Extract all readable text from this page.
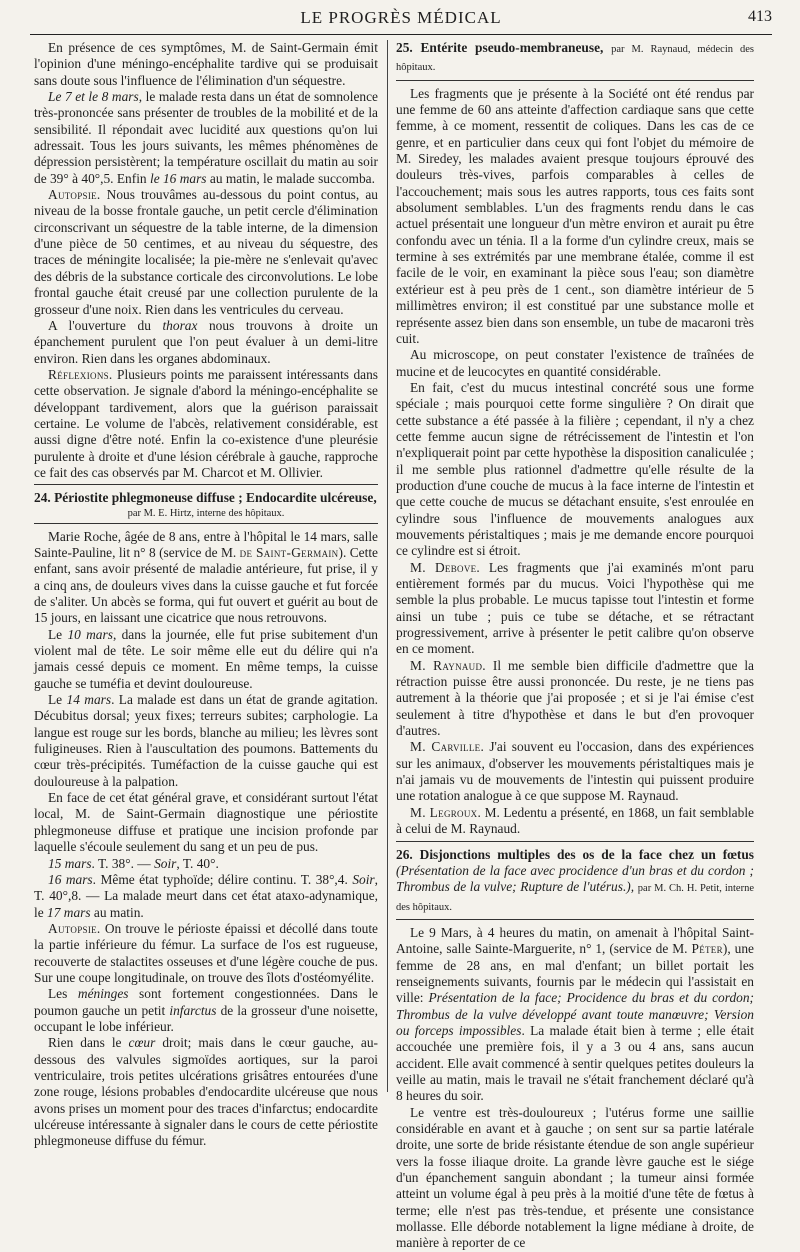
LE PROGRÈS MÉDICAL	413

En présence de ces symptômes, M. de Saint-Germain émit l'opinion d'une méningo-encéphalite tardive qui se produisait sans doute sous l'influence de l'élimination d'un séquestre.

Le 7 et le 8 mars, le malade resta dans un état de somnolence très-prononcée sans présenter de troubles de la mobilité et de la sensibilité. Il répondait avec lucidité aux questions qu'on lui adressait. Tous les jours suivants, les mêmes phénomènes de dépression persistèrent; la température oscillait du matin au soir de 39° à 40°,5. Enfin le 16 mars au matin, le malade succomba.

Autopsie. Nous trouvâmes au-dessous du point contus, au niveau de la bosse frontale gauche, un petit cercle d'élimination circonscrivant un séquestre de la table interne, de la dimension d'une pièce de 50 centimes, et au niveau du séquestre, des traces de méningite localisée; la pie-mère ne s'enlevait qu'avec des débris de la substance corticale des circonvolutions. Le lobe frontal gauche était creusé par une collection purulente de la grosseur d'une noix. Rien dans les ventricules du cerveau.

A l'ouverture du thorax nous trouvons à droite un épanchement purulent que l'on peut évaluer à un demi-litre environ. Rien dans les organes abdominaux.

Réflexions. Plusieurs points me paraissent intéressants dans cette observation. Je signale d'abord la méningo-encéphalite se développant tardivement, alors que la guérison paraissait certaine. Le volume de l'abcès, relativement considérable, est aussi digne d'être noté. Enfin la co-existence d'une pleurésie purulente à droite et d'une lésion cérébrale à gauche, rapproche ce fait des cas observés par M. Charcot et M. Ollivier.

24. Périostite phlegmoneuse diffuse ; Endocardite ulcéreuse,

par M. E. Hirtz, interne des hôpitaux.

Marie Roche, âgée de 8 ans, entre à l'hôpital le 14 mars, salle Sainte-Pauline, lit n° 8 (service de M. de Saint-Germain). Cette enfant, sans avoir présenté de maladie antérieure, fut prise, il y a cinq ans, de douleurs vives dans la cuisse gauche et fut forcée de s'aliter. Un abcès se forma, qui fut ouvert et guérit au bout de 15 jours, en laissant une cicatrice que nous retrouvons.

Le 10 mars, dans la journée, elle fut prise subitement d'un violent mal de tête. Le soir même elle eut du délire qui n'a jamais cessé depuis ce moment. En même temps, la cuisse gauche se tuméfia et devint douloureuse.

Le 14 mars. La malade est dans un état de grande agitation. Décubitus dorsal; yeux fixes; terreurs subites; carphologie. La langue est rouge sur les bords, blanche au milieu; les lèvres sont fuligineuses. Rien à l'auscultation des poumons. Battements du cœur très-précipités. Tuméfaction de la cuisse gauche qui est douloureuse à la palpation.

En face de cet état général grave, et considérant surtout l'état local, M. de Saint-Germain diagnostique une périostite phlegmoneuse diffuse et pratique une incision profonde par laquelle s'écoule seulement du sang et un peu de pus.

15 mars. T. 38°. — Soir, T. 40°.

16 mars. Même état typhoïde; délire continu. T. 38°,4. Soir, T. 40°,8. — La malade meurt dans cet état ataxo-adynamique, le 17 mars au matin.

Autopsie. On trouve le périoste épaissi et décollé dans toute la partie inférieure du fémur. La surface de l'os est rugueuse, recouverte de stalactites osseuses et d'une légère couche de pus. Sur une coupe longitudinale, on trouve des îlots d'ostéomyélite.

Les méninges sont fortement congestionnées. Dans le poumon gauche un petit infarctus de la grosseur d'une noisette, occupant le lobe inférieur.

Rien dans le cœur droit; mais dans le cœur gauche, au-dessous des valvules sigmoïdes aortiques, sur la paroi ventriculaire, trois petites ulcérations grisâtres entourées d'une zone rouge, lésions probables d'endocardite ulcéreuse que nous avons prises un moment pour des traces d'infarctus; endocardite ulcéreuse intéressante à signaler dans le cours de cette périostite phlegmoneuse diffuse du fémur.

25. Entérite pseudo-membraneuse, par M. Raynaud, médecin des hôpitaux.

Les fragments que je présente à la Société ont été rendus par une femme de 60 ans atteinte d'affection cardiaque sans que cette femme, à ce moment, ressentit de coliques. Dans les cas de ce genre, et en particulier dans ceux qui font l'objet du mémoire de M. Siredey, les malades avaient presque toujours éprouvé des douleurs très-vives, parfois comparables à celles de l'accouchement; mais sous les autres rapports, tous ces faits sont absolument semblables. L'un des fragments rendu dans le cas actuel présentait une longueur d'un mètre environ et aurait pu être confondu avec un ténia. Il a la forme d'un cylindre creux, mais se termine à ses extrémités par une membrane étalée, comme il est facile de le voir, en examinant la pièce sous l'eau; son diamètre extérieur est à peu près de 1 cent., son diamètre intérieur de 5 millimètres environ; il est constitué par une substance molle et représente assez bien dans son ensemble, un tube de macaroni très cuit.

Au microscope, on peut constater l'existence de traînées de mucine et de leucocytes en quantité considérable.

En fait, c'est du mucus intestinal concrété sous une forme spéciale ; mais pourquoi cette forme singulière ? On dirait que cette substance a été passée à la filière ; cependant, il n'y a chez cette femme aucun signe de rétrécissement de l'intestin et l'on n'expliquerait point par cette hypothèse la disposition canaliculée ; il me semble plus rationnel d'admettre qu'elle résulte de la production d'une couche de mucus à la face interne de l'intestin et que cette couche de mucus se détachant ensuite, s'est enroulée en cylindre sous l'influence de mouvements analogues aux mouvements péristaltiques ; mais je me demande encore pourquoi ce cylindre est si étroit.

M. Debove. Les fragments que j'ai examinés m'ont paru entièrement formés par du mucus. Voici l'hypothèse qui me semble la plus probable. Le mucus tapisse tout l'intestin et forme ainsi un tube ; puis ce tube se détache, et se rétractant progressivement, arrive à présenter le petit calibre qu'on observe en ce moment.

M. Raynaud. Il me semble bien difficile d'admettre que la rétraction puisse être aussi prononcée. Du reste, je ne tiens pas autrement à la théorie que j'ai proposée ; et si je l'ai émise c'est seulement à titre d'hypothèse et dans le but d'en provoquer d'autres.

M. Carville. J'ai souvent eu l'occasion, dans des expériences sur les animaux, d'observer les mouvements péristaltiques mais je n'ai jamais vu de mouvements de l'intestin qui puissent produire une rotation analogue à ce que suppose M. Raynaud.

M. Legroux. M. Ledentu a présenté, en 1868, un fait semblable à celui de M. Raynaud.

26. Disjonctions multiples des os de la face chez un fœtus (Présentation de la face avec procidence d'un bras et du cordon ; Thrombus de la vulve; Rupture de l'utérus.), par M. Ch. H. Petit, interne des hôpitaux.

Le 9 Mars, à 4 heures du matin, on amenait à l'hôpital Saint-Antoine, salle Sainte-Marguerite, n° 1, (service de M. Péter), une femme de 28 ans, en mal d'enfant; un billet portait les renseignements suivants, fournis par le médecin qui l'assistait en ville: Présentation de la face; Procidence du bras et du cordon; Thrombus de la vulve développé avant toute manœuvre; Version ou forceps impossibles. La malade était bien à terme ; elle était accouchée une première fois, il y a 3 ou 4 ans, sans aucun accident. Elle avait commencé à sentir quelques petites douleurs la veille au matin, mais le travail ne s'était franchement déclaré qu'à 8 heures du soir.

Le ventre est très-douloureux ; l'utérus forme une saillie considérable en avant et à gauche ; on sent sur sa partie latérale droite, une sorte de bride résistante étendue de son angle supérieur vers la fosse iliaque droite. La grande lèvre gauche est le siége d'un épanchement sanguin abondant ; la tumeur ainsi formée atteint un volume égal à peu près à la moitié d'une tête de fœtus à terme; elle n'est pas très-tendue, et présente une consistance mollasse. Elle déborde notablement la ligne médiane à droite, de manière à reporter de ce
